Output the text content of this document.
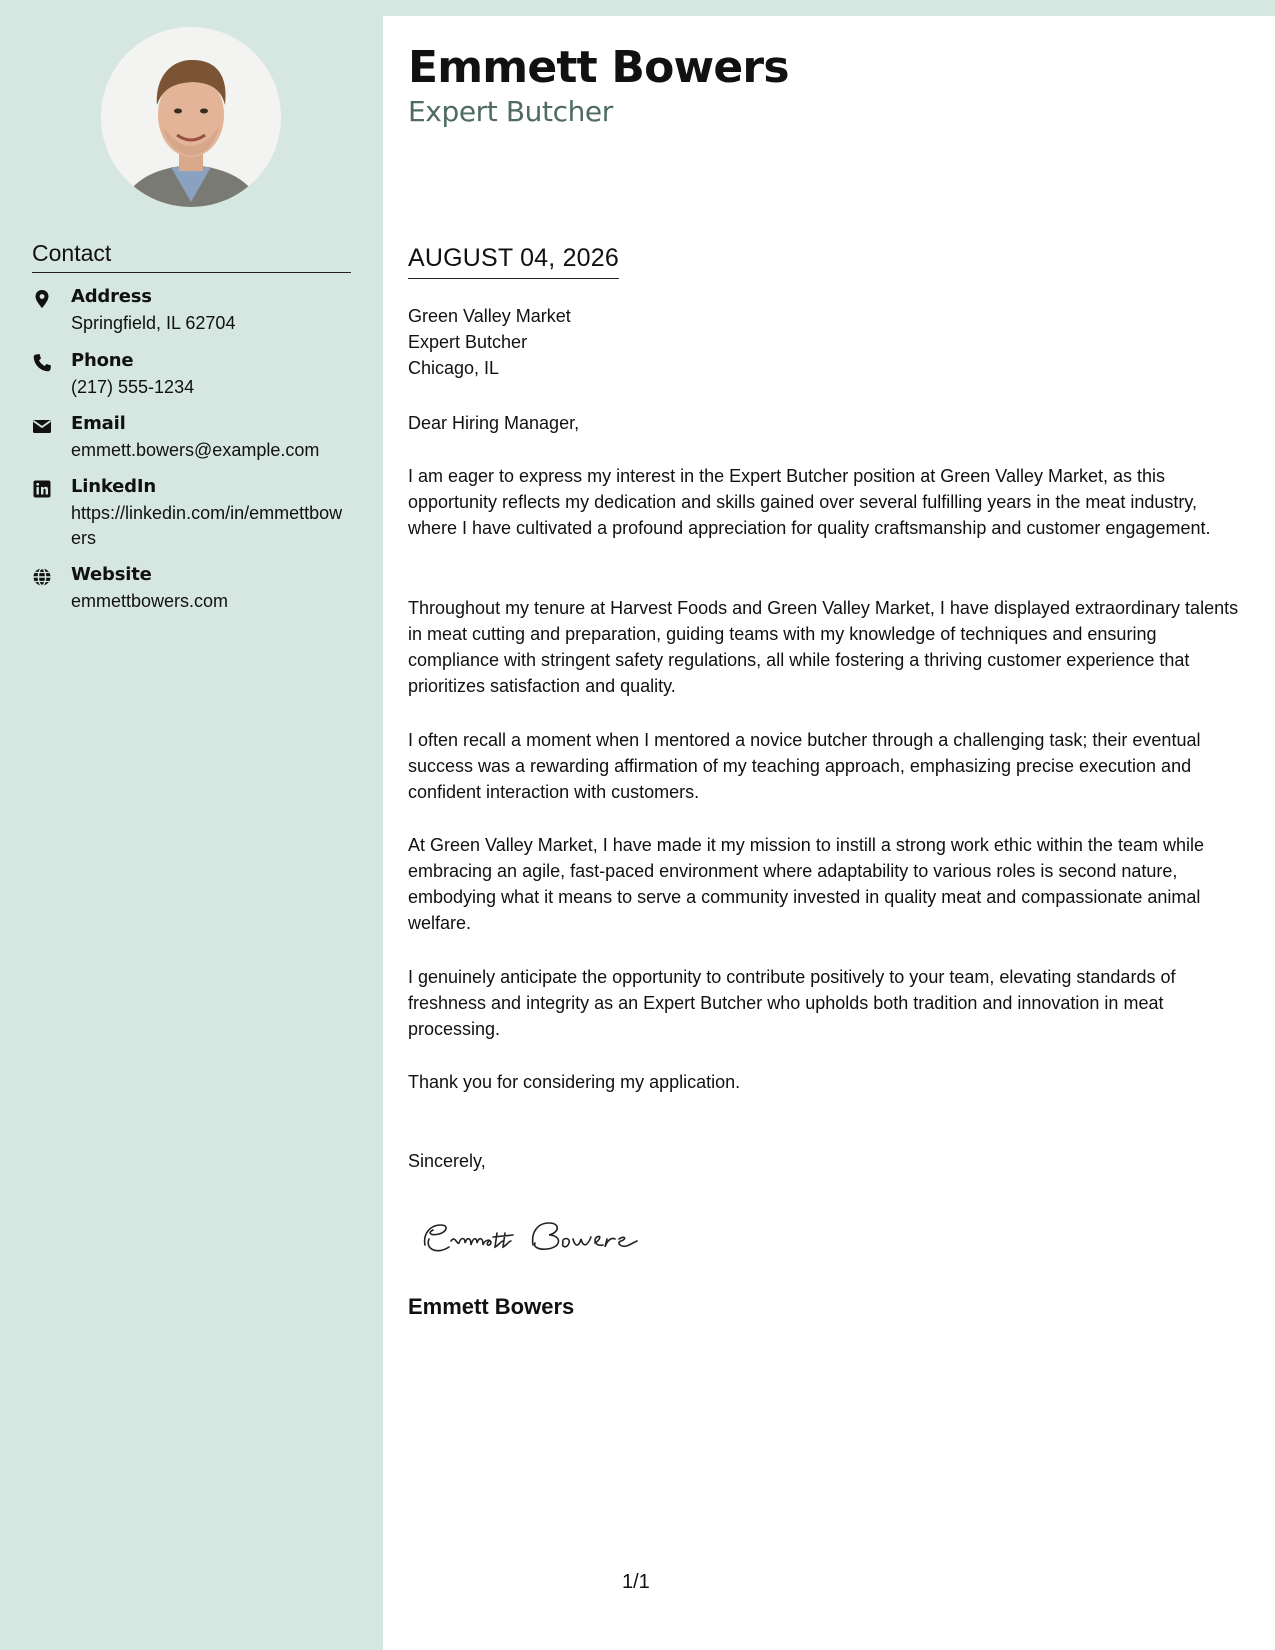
Contact
Address
Springfield, IL 62704
Phone
(217) 555-1234
Email
emmett.bowers@example.com
LinkedIn
https://linkedin.com/in/emmettbowers
Website
emmettbowers.com
Emmett Bowers
Expert Butcher
AUGUST 04, 2026
Green Valley Market
Expert Butcher
Chicago, IL
Dear Hiring Manager,
I am eager to express my interest in the Expert Butcher position at Green Valley Market, as this opportunity reflects my dedication and skills gained over several fulfilling years in the meat industry, where I have cultivated a profound appreciation for quality craftsmanship and customer engagement.
Throughout my tenure at Harvest Foods and Green Valley Market, I have displayed extraordinary talents in meat cutting and preparation, guiding teams with my knowledge of techniques and ensuring compliance with stringent safety regulations, all while fostering a thriving customer experience that prioritizes satisfaction and quality.
I often recall a moment when I mentored a novice butcher through a challenging task; their eventual success was a rewarding affirmation of my teaching approach, emphasizing precise execution and confident interaction with customers.
At Green Valley Market, I have made it my mission to instill a strong work ethic within the team while embracing an agile, fast-paced environment where adaptability to various roles is second nature, embodying what it means to serve a community invested in quality meat and compassionate animal welfare.
I genuinely anticipate the opportunity to contribute positively to your team, elevating standards of freshness and integrity as an Expert Butcher who upholds both tradition and innovation in meat processing.
Thank you for considering my application.
Sincerely,
Emmett Bowers
1/1
